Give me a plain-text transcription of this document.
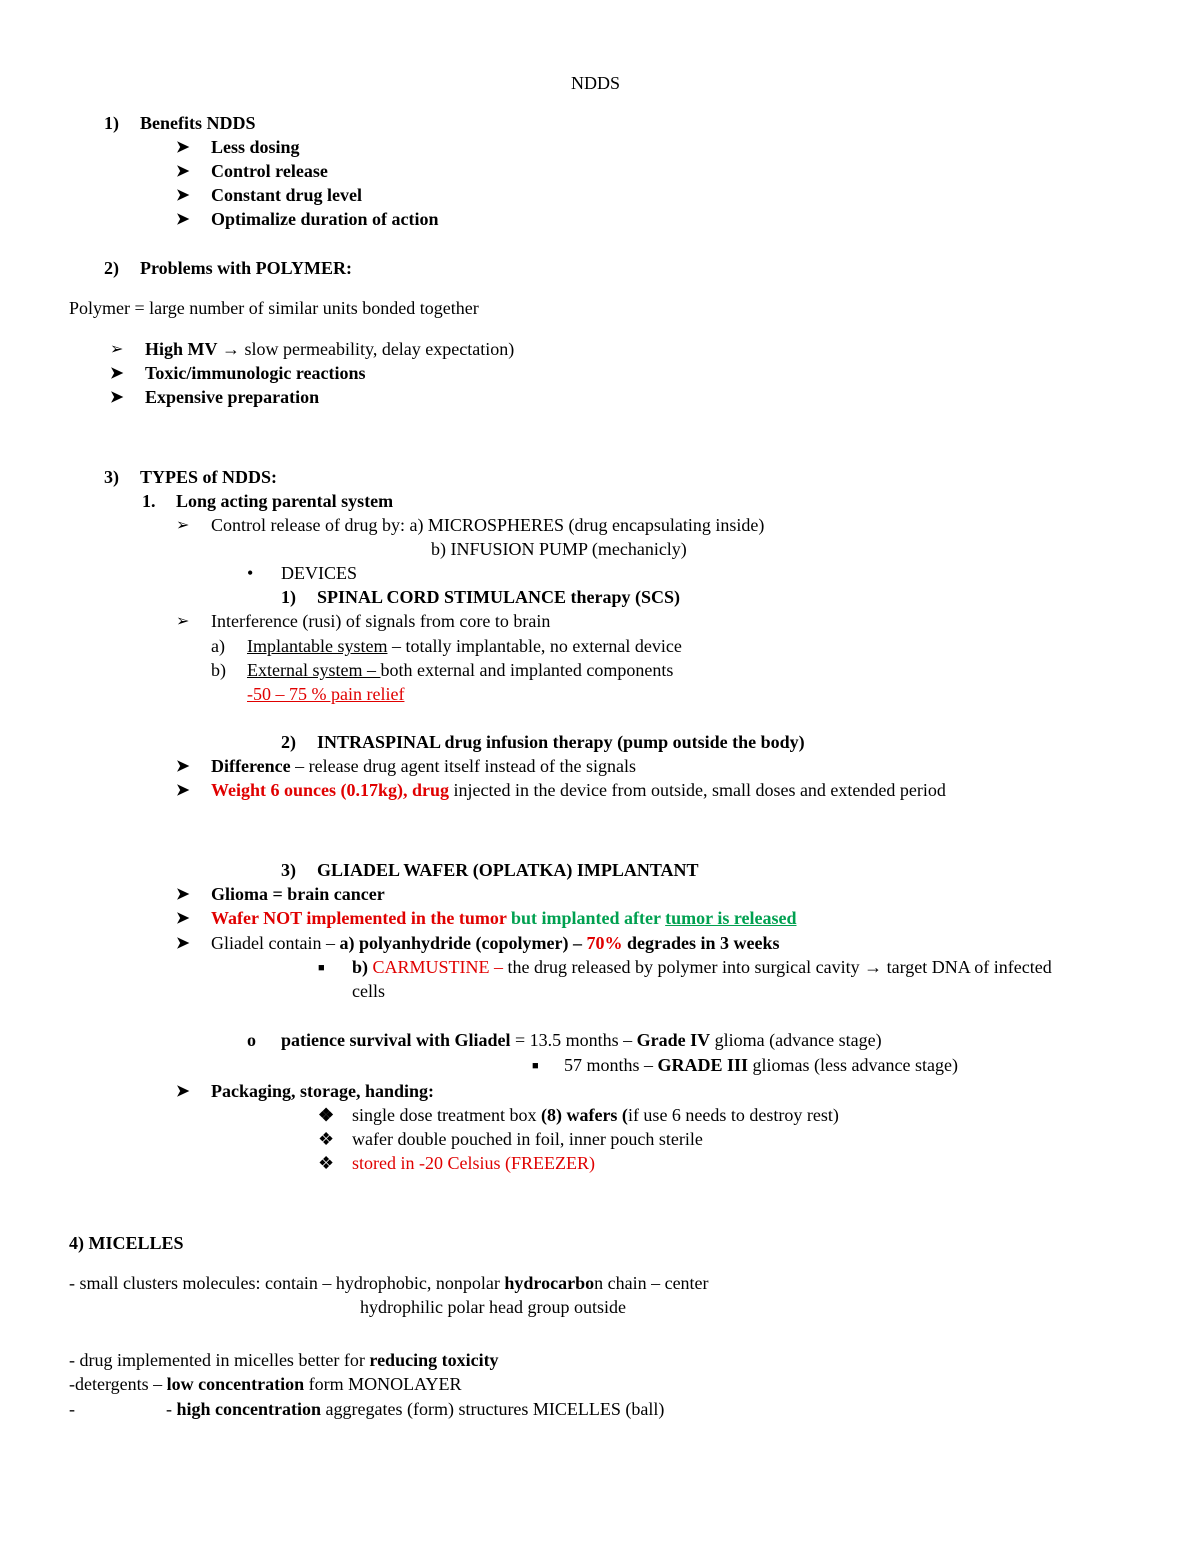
NDDS
1) Benefits NDDS
➤ Less dosing
➤ Control release
➤ Constant drug level
➤ Optimalize duration of action
2) Problems with POLYMER:
Polymer = large number of similar units bonded together
➢ High MV → slow permeability, delay expectation)
➤ Toxic/immunologic reactions
➤ Expensive preparation
3) TYPES of NDDS:
1. Long acting parental system
➢ Control release of drug by: a) MICROSPHERES (drug encapsulating inside)
b) INFUSION PUMP (mechanicly)
• DEVICES
1) SPINAL CORD STIMULANCE therapy (SCS)
➢ Interference (rusi) of signals from core to brain
a) Implantable system – totally implantable, no external device
b) External system – both external and implanted components
-50 – 75 % pain relief
2) INTRASPINAL drug infusion therapy (pump outside the body)
➤ Difference – release drug agent itself instead of the signals
➤ Weight 6 ounces (0.17kg), drug injected in the device from outside, small doses and extended period
3) GLIADEL WAFER (OPLATKA) IMPLANTANT
➤ Glioma = brain cancer
➤ Wafer NOT implemented in the tumor but implanted after tumor is released
➤ Gliadel contain – a) polyanhydride (copolymer) – 70% degrades in 3 weeks
■ b) CARMUSTINE – the drug released by polymer into surgical cavity → target DNA of infected
cells
o patience survival with Gliadel = 13.5 months – Grade IV glioma (advance stage)
■ 57 months – GRADE III gliomas (less advance stage)
➤ Packaging, storage, handing:
❖ single dose treatment box (8) wafers (if use 6 needs to destroy rest)
❖ wafer double pouched in foil, inner pouch sterile
❖ stored in -20 Celsius (FREEZER)
4) MICELLES
- small clusters molecules: contain – hydrophobic, nonpolar hydrocarbon chain – center
hydrophilic polar head group outside
- drug implemented in micelles better for reducing toxicity
-detergents – low concentration form MONOLAYER
-	- high concentration aggregates (form) structures MICELLES (ball)
